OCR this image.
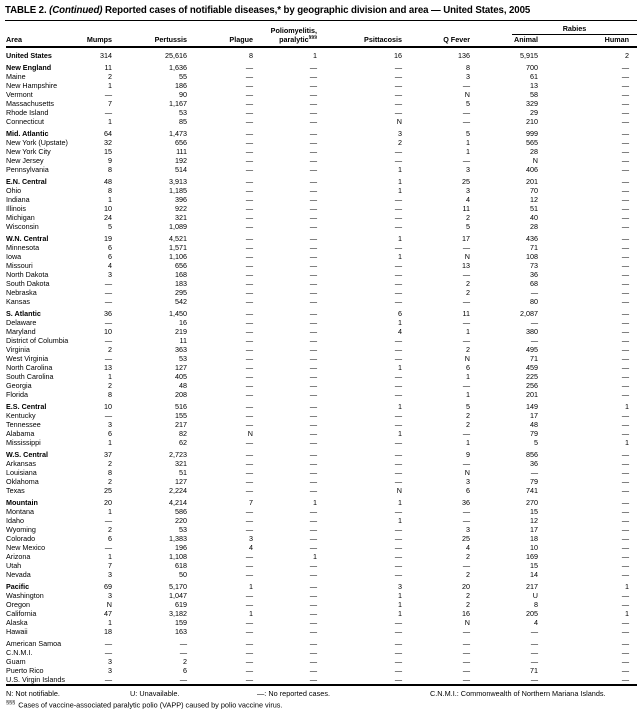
TABLE 2. (Continued) Reported cases of notifiable diseases,* by geographic division and area — United States, 2005
				Poliomyelitis,			Rabies	

Area	Mumps	Pertussis	Plague	paralytic§§§	Psittacosis	Q Fever	Animal	Human
United States	314	25,616	8	1	16	136	5,915	2
New England	11	1,636	—	—	—	8	700	—
Maine	2	55	—	—	—	3	61	—
New Hampshire	1	186	—	—	—	—	13	—
Vermont	—	90	—	—	—	N	58	—
Massachusetts	7	1,167	—	—	—	5	329	—
Rhode Island	—	53	—	—	—	—	29	—
Connecticut	1	85	—	—	N	—	210	—
Mid. Atlantic	64	1,473	—	—	3	5	999	—
New York (Upstate)	32	656	—	—	2	1	565	—
New York City	15	111	—	—	—	1	28	—
New Jersey	9	192	—	—	—	—	N	—
Pennsylvania	8	514	—	—	1	3	406	—
E.N. Central	48	3,913	—	—	1	25	201	—
Ohio	8	1,185	—	—	1	3	70	—
Indiana	1	396	—	—	—	4	12	—
Illinois	10	922	—	—	—	11	51	—
Michigan	24	321	—	—	—	2	40	—
Wisconsin	5	1,089	—	—	—	5	28	—
W.N. Central	19	4,521	—	—	1	17	436	—
Minnesota	6	1,571	—	—	—	—	71	—
Iowa	6	1,106	—	—	1	N	108	—
Missouri	4	656	—	—	—	13	73	—
North Dakota	3	168	—	—	—	—	36	—
South Dakota	—	183	—	—	—	2	68	—
Nebraska	—	295	—	—	—	2	—	—
Kansas	—	542	—	—	—	—	80	—
S. Atlantic	36	1,450	—	—	6	11	2,087	—
Delaware	—	16	—	—	1	—	—	—
Maryland	10	219	—	—	4	1	380	—
District of Columbia	—	11	—	—	—	—	—	—
Virginia	2	363	—	—	—	2	495	—
West Virginia	—	53	—	—	—	N	71	—
North Carolina	13	127	—	—	1	6	459	—
South Carolina	1	405	—	—	—	1	225	—
Georgia	2	48	—	—	—	—	256	—
Florida	8	208	—	—	—	1	201	—
E.S. Central	10	516	—	—	1	5	149	1
Kentucky	—	155	—	—	—	2	17	—
Tennessee	3	217	—	—	—	2	48	—
Alabama	6	82	N	—	1	—	79	—
Mississippi	1	62	—	—	—	1	5	1
W.S. Central	37	2,723	—	—	—	9	856	—
Arkansas	2	321	—	—	—	—	36	—
Louisiana	8	51	—	—	—	N	—	—
Oklahoma	2	127	—	—	—	3	79	—
Texas	25	2,224	—	—	N	6	741	—
Mountain	20	4,214	7	1	1	36	270	—
Montana	1	586	—	—	—	—	15	—
Idaho	—	220	—	—	1	—	12	—
Wyoming	2	53	—	—	—	3	17	—
Colorado	6	1,383	3	—	—	25	18	—
New Mexico	—	196	4	—	—	4	10	—
Arizona	1	1,108	—	1	—	2	169	—
Utah	7	618	—	—	—	—	15	—
Nevada	3	50	—	—	—	2	14	—
Pacific	69	5,170	1	—	3	20	217	1
Washington	3	1,047	—	—	1	2	U	—
Oregon	N	619	—	—	1	2	8	—
California	47	3,182	1	—	1	16	205	1
Alaska	1	159	—	—	—	N	4	—
Hawaii	18	163	—	—	—	—	—	—
American Samoa	—	—	—	—	—	—	—	—
C.N.M.I.	—	—	—	—	—	—	—	—
Guam	3	2	—	—	—	—	—	—
Puerto Rico	3	6	—	—	—	—	71	—
U.S. Virgin Islands	—	—	—	—	—	—	—	—
N: Not notifiable.	U: Unavailable.	—: No reported cases.	C.N.M.I.: Commonwealth of Northern Mariana Islands.
§§§ Cases of vaccine-associated paralytic polio (VAPP) caused by polio vaccine virus.
